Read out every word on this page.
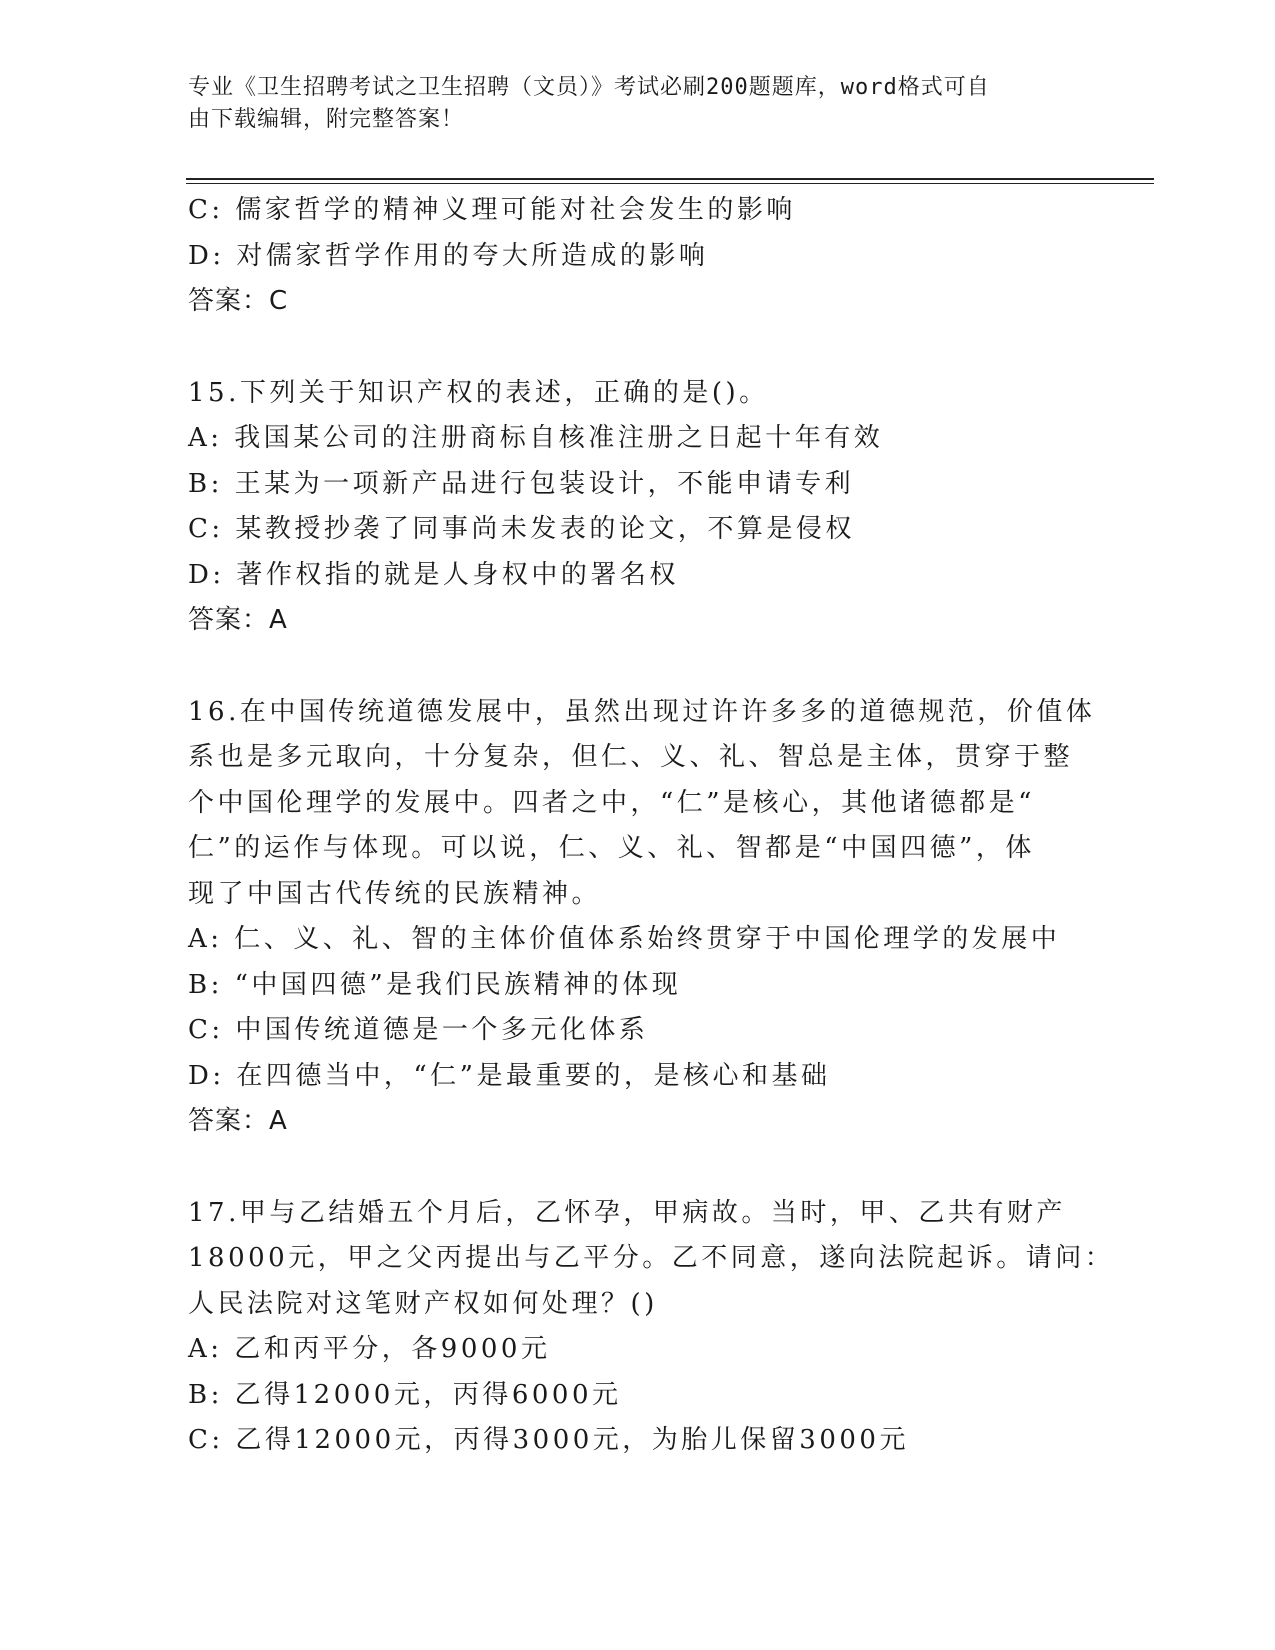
专业《卫生招聘考试之卫生招聘（文员）》考试必刷200题题库，word格式可自
由下载编辑，附完整答案！
C: 儒家哲学的精神义理可能对社会发生的影响
D: 对儒家哲学作用的夸大所造成的影响
答案：C
15.下列关于知识产权的表述，正确的是()。
A: 我国某公司的注册商标自核准注册之日起十年有效
B: 王某为一项新产品进行包装设计，不能申请专利
C: 某教授抄袭了同事尚未发表的论文，不算是侵权
D: 著作权指的就是人身权中的署名权
答案：A
16.在中国传统道德发展中，虽然出现过许许多多的道德规范，价值体
系也是多元取向，十分复杂，但仁、义、礼、智总是主体，贯穿于整
个中国伦理学的发展中。四者之中，“仁”是核心，其他诸德都是“
仁”的运作与体现。可以说，仁、义、礼、智都是“中国四德”，体
现了中国古代传统的民族精神。
A: 仁、义、礼、智的主体价值体系始终贯穿于中国伦理学的发展中
B: “中国四德”是我们民族精神的体现
C: 中国传统道德是一个多元化体系
D: 在四德当中，“仁”是最重要的，是核心和基础
答案：A
17.甲与乙结婚五个月后，乙怀孕，甲病故。当时，甲、乙共有财产
18000元，甲之父丙提出与乙平分。乙不同意，遂向法院起诉。请问：
人民法院对这笔财产权如何处理？()
A: 乙和丙平分，各9000元
B: 乙得12000元，丙得6000元
C: 乙得12000元，丙得3000元，为胎儿保留3000元
